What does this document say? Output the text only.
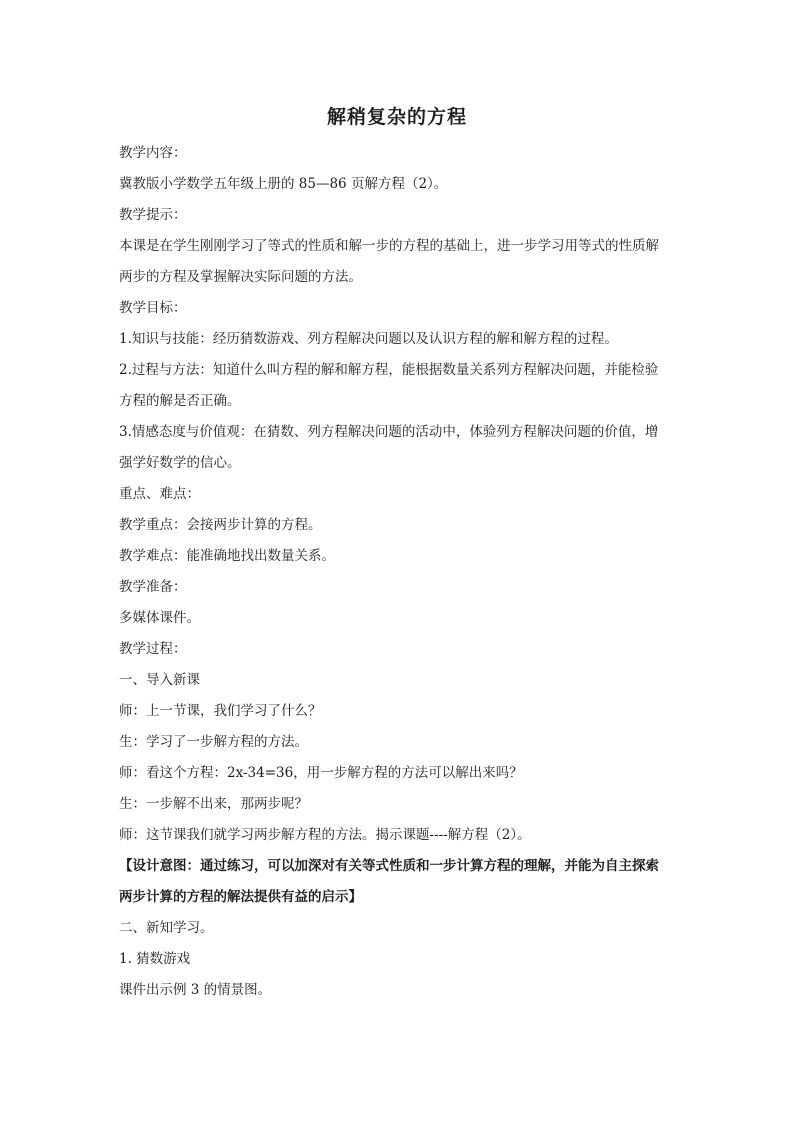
解稍复杂的方程
教学内容：
冀教版小学数学五年级上册的 85—86 页解方程（2）。
教学提示：
本课是在学生刚刚学习了等式的性质和解一步的方程的基础上，进一步学习用等式的性质解
两步的方程及掌握解决实际问题的方法。
教学目标：
1.知识与技能：经历猜数游戏、列方程解决问题以及认识方程的解和解方程的过程。
2.过程与方法：知道什么叫方程的解和解方程，能根据数量关系列方程解决问题，并能检验
方程的解是否正确。
3.情感态度与价值观：在猜数、列方程解决问题的活动中，体验列方程解决问题的价值，增
强学好数学的信心。
重点、难点：
教学重点：会接两步计算的方程。
教学难点：能准确地找出数量关系。
教学准备：
多媒体课件。
教学过程：
一、导入新课
师：上一节课，我们学习了什么？
生：学习了一步解方程的方法。
师：看这个方程：2x-34=36，用一步解方程的方法可以解出来吗？
生：一步解不出来，那两步呢？
师：这节课我们就学习两步解方程的方法。揭示课题----解方程（2）。
【设计意图：通过练习，可以加深对有关等式性质和一步计算方程的理解，并能为自主探索
两步计算的方程的解法提供有益的启示】
二、新知学习。
1. 猜数游戏
课件出示例 3 的情景图。
